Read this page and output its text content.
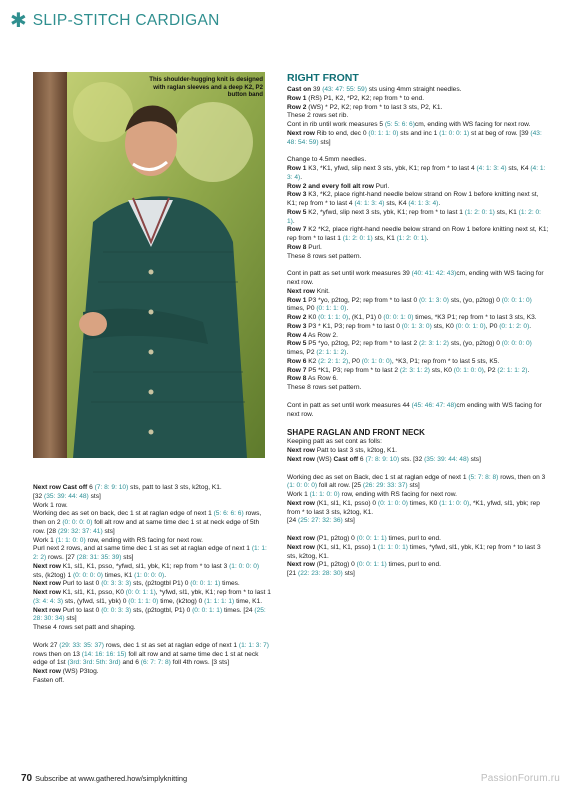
✱ SLIP-STITCH CARDIGAN
This shoulder-hugging knit is designed with raglan sleeves and a deep K2, P2 button band

Next row Cast off 6 (7: 8: 9: 10) sts, patt to last 3 sts, k2tog, K1.

[32 (35: 39: 44: 48) sts]

Work 1 row.

Working dec as set on back, dec 1 st at raglan edge of next 1 (5: 6: 6: 6) rows, then on 2 (0: 0: 0: 0) foll alt row and at same time dec 1 st at neck edge of 5th row. [28 (29: 32: 37: 41) sts]

Work 1 (1: 1: 0: 0) row, ending with RS facing for next row.

Purl next 2 rows, and at same time dec 1 st as set at raglan edge of next 1 (1: 1: 2: 2) rows. [27 (28: 31: 35: 39) sts]

Next row K1, sl1, K1, psso, *yfwd, sl1, ybk, K1; rep from * to last 3 (1: 0: 0: 0) sts, (k2tog) 1 (0: 0: 0: 0) times, K1 (1: 0: 0: 0).

Next row Purl to last 0 (0: 3: 3: 3) sts, (p2togtbl P1) 0 (0: 0: 1: 1) times.

Next row K1, sl1, K1, psso, K0 (0: 0: 1: 1), *yfwd, sl1, ybk, K1; rep from * to last 1 (3: 4: 4: 3) sts, (yfwd, sl1, ybk) 0 (0: 1: 1: 0) time, (k2tog) 0 (1: 1: 1: 1) time, K1.

Next row Purl to last 0 (0: 0: 3: 3) sts, (p2togtbl, P1) 0 (0: 0: 1: 1) times. [24 (25: 28: 30: 34) sts]

These 4 rows set patt and shaping.

Work 27 (29: 33: 35: 37) rows, dec 1 st as set at raglan edge of next 1 (1: 1: 3: 7) rows then on 13 (14: 16: 16: 15) foll alt row and at same time dec 1 st at neck edge of 1st (3rd: 3rd: 5th: 3rd) and 6 (6: 7: 7: 8) foll 4th rows. [3 sts]

Next row (WS) P3tog.

Fasten off.

RIGHT FRONT

Cast on 39 (43: 47: 55: 59) sts using 4mm straight needles.

Row 1 (RS) P1, K2, *P2, K2; rep from * to end.

Row 2 (WS) * P2, K2; rep from * to last 3 sts, P2, K1.

These 2 rows set rib.

Cont in rib until work measures 5 (5: 5: 6: 6)cm, ending with WS facing for next row.

Next row Rib to end, dec 0 (0: 1: 1: 0) sts and inc 1 (1: 0: 0: 1) st at beg of row. [39 (43: 48: 54: 59) sts]

Change to 4.5mm needles.

Row 1 K3, *K1, yfwd, slip next 3 sts, ybk, K1; rep from * to last 4 (4: 1: 3: 4) sts, K4 (4: 1: 3: 4).

Row 2 and every foll alt row Purl.

Row 3 K3, *K2, place right-hand needle below strand on Row 1 before knitting next st, K1; rep from * to last 4 (4: 1: 3: 4) sts, K4 (4: 1: 3: 4).

Row 5 K2, *yfwd, slip next 3 sts, ybk, K1; rep from * to last 1 (1: 2: 0: 1) sts, K1 (1: 2: 0: 1).

Row 7 K2 *K2, place right-hand needle below strand on Row 1 before knitting next st, K1; rep from * to last 1 (1: 2: 0: 1) sts, K1 (1: 2: 0: 1).

Row 8 Purl.

These 8 rows set pattern.

Cont in patt as set until work measures 39 (40: 41: 42: 43)cm, ending with WS facing for next row.

Next row Knit.

Row 1 P3 *yo, p2tog, P2; rep from * to last 0 (0: 1: 3: 0) sts, (yo, p2tog) 0 (0: 0: 1: 0) times, P0 (0: 1: 1: 0).

Row 2 K0 (0: 1: 1: 0), (K1, P1) 0 (0: 0: 1: 0) times, *K3 P1; rep from * to last 3 sts, K3.

Row 3 P3 * K1, P3; rep from * to last 0 (0: 1: 3: 0) sts, K0 (0: 0: 1: 0), P0 (0: 1: 2: 0).

Row 4 As Row 2.

Row 5 P5 *yo, p2tog, P2; rep from * to last 2 (2: 3: 1: 2) sts, (yo, p2tog) 0 (0: 0: 0: 0) times, P2 (2: 1: 1: 2).

Row 6 K2 (2: 2: 1: 2), P0 (0: 1: 0: 0), *K3, P1; rep from * to last 5 sts, K5.

Row 7 P5 *K1, P3; rep from * to last 2 (2: 3: 1: 2) sts, K0 (0: 1: 0: 0), P2 (2: 1: 1: 2).

Row 8 As Row 6.

These 8 rows set pattern.

Cont in patt as set until work measures 44 (45: 46: 47: 48)cm ending with WS facing for next row.

SHAPE RAGLAN AND FRONT NECK

Keeping patt as set cont as folls:

Next row Patt to last 3 sts, k2tog, K1.

Next row (WS) Cast off 6 (7: 8: 9: 10) sts. [32 (35: 39: 44: 48) sts]

Working dec as set on Back, dec 1 st at raglan edge of next 1 (5: 7: 8: 8) rows, then on 3 (1: 0: 0: 0) foll alt row. [25 (26: 29: 33: 37) sts]

Work 1 (1: 1: 0: 0) row, ending with RS facing for next row.

Next row (K1, sl1, K1, psso) 0 (0: 1: 0: 0) times, K0 (1: 1: 0: 0), *K1, yfwd, sl1, ybk; rep from * to last 3 sts, k2tog, K1.

[24 (25: 27: 32: 36) sts]

Next row (P1, p2tog) 0 (0: 0: 1: 1) times, purl to end.

Next row (K1, sl1, K1, psso) 1 (1: 1: 0: 1) times, *yfwd, sl1, ybk, K1; rep from * to last 3 sts, k2tog, K1.

Next row (P1, p2tog) 0 (0: 0: 1: 1) times, purl to end.

[21 (22: 23: 28: 30) sts]

70 Subscribe at www.gathered.how/simplyknitting	PassionForum.ru
